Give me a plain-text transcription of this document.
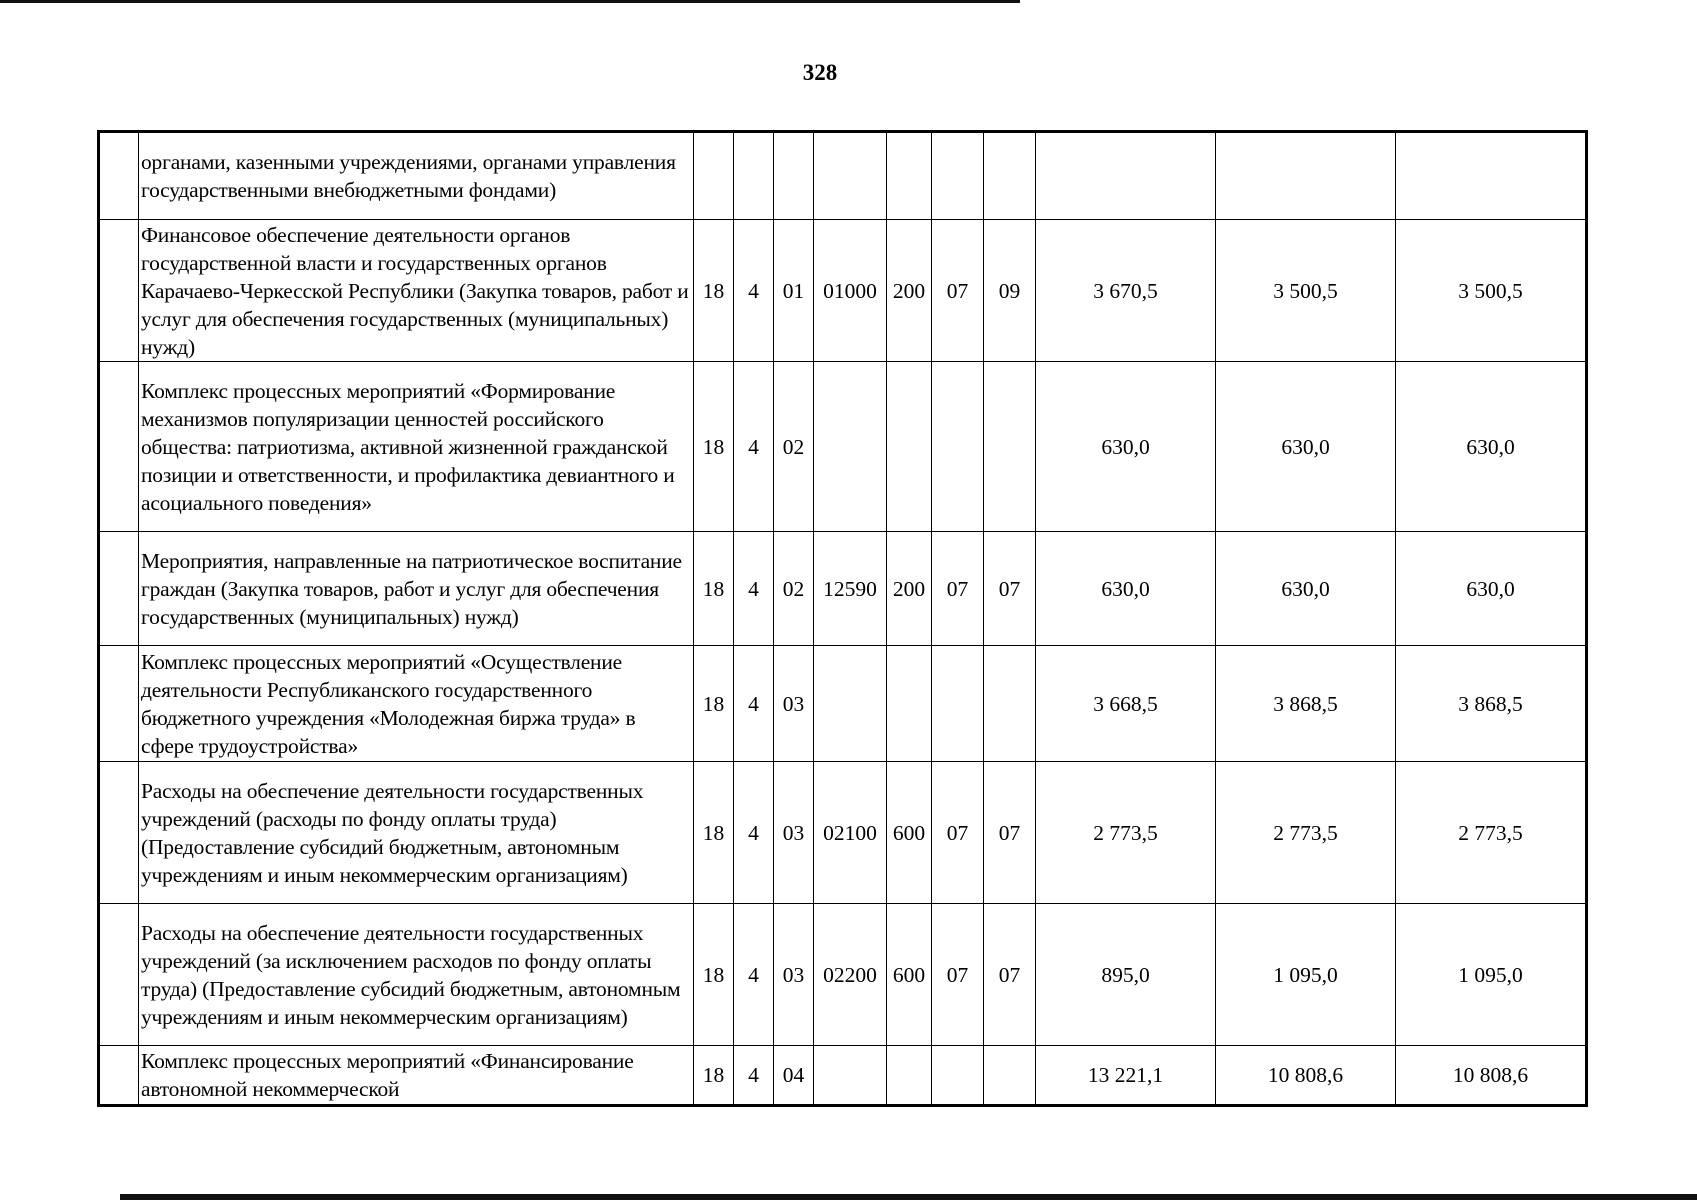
328
	органами, казенными учреждениями, органами управления государственными внебюджетными фондами)										
	Финансовое обеспечение деятельности органов государственной власти и государственных органов Карачаево-Черкесской Республики (Закупка товаров, работ и услуг для обеспечения государственных (муниципальных) нужд)	18	4	01	01000	200	07	09	3 670,5	3 500,5	3 500,5
	Комплекс процессных мероприятий «Формирование механизмов популяризации ценностей российского общества: патриотизма, активной жизненной гражданской позиции и ответственности, и профилактика девиантного и асоциального поведения»	18	4	02					630,0	630,0	630,0
	Мероприятия, направленные на патриотическое воспитание граждан (Закупка товаров, работ и услуг для обеспечения государственных (муниципальных) нужд)	18	4	02	12590	200	07	07	630,0	630,0	630,0
	Комплекс процессных мероприятий «Осуществление деятельности Республиканского государственного бюджетного учреждения «Молодежная биржа труда» в сфере трудоустройства»	18	4	03					3 668,5	3 868,5	3 868,5
	Расходы на обеспечение деятельности государственных учреждений (расходы по фонду оплаты труда) (Предоставление субсидий бюджетным, автономным учреждениям и иным некоммерческим организациям)	18	4	03	02100	600	07	07	2 773,5	2 773,5	2 773,5
	Расходы на обеспечение деятельности государственных учреждений (за исключением расходов по фонду оплаты труда) (Предоставление субсидий бюджетным, автономным учреждениям и иным некоммерческим организациям)	18	4	03	02200	600	07	07	895,0	1 095,0	1 095,0
	Комплекс процессных мероприятий «Финансирование автономной некоммерческой	18	4	04					13 221,1	10 808,6	10 808,6
